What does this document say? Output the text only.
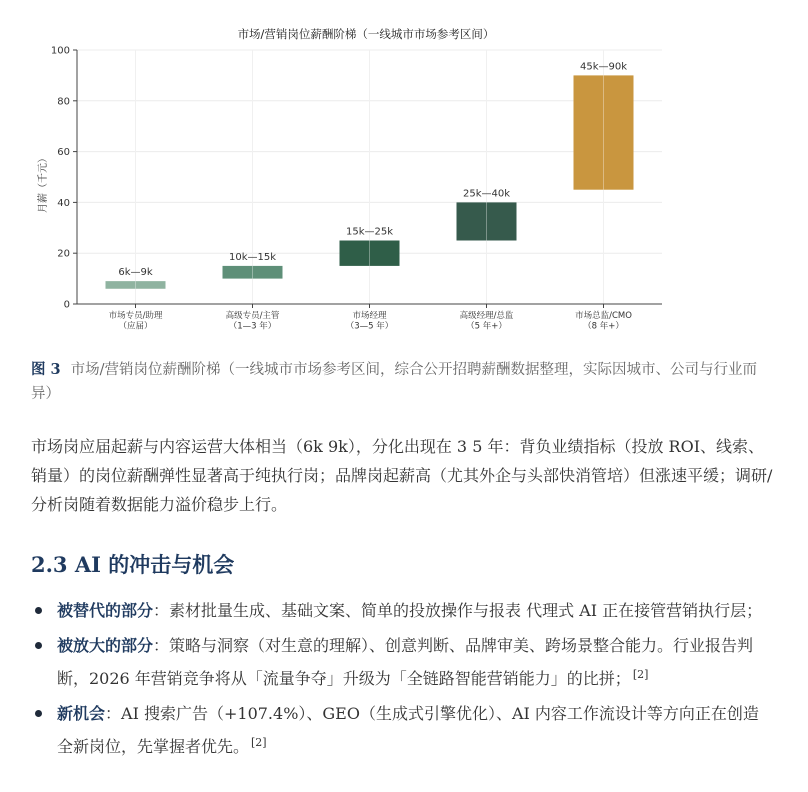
市场/营销岗位薪酬阶梯（一线城市市场参考区间）
月薪（千元）
6k—9k
10k—15k
15k—25k
25k—40k
45k—90k
0
20
40
60
80
100
市场专员/助理
（应届）
高级专员/主管
（1—3 年）
市场经理
（3—5 年）
高级经理/总监
（5 年+）
市场总监/CMO
（8 年+）
图 3 市场/营销岗位薪酬阶梯（一线城市市场参考区间，综合公开招聘薪酬数据整理，实际因城市、公司与行业而异）

市场岗应届起薪与内容运营大体相当（6k 9k），分化出现在 3 5 年：背负业绩指标（投放 ROI、线索、销量）的岗位薪酬弹性显著高于纯执行岗；品牌岗起薪高（尤其外企与头部快消管培）但涨速平缓；调研/分析岗随着数据能力溢价稳步上行。

2.3 AI 的冲击与机会
被替代的部分：素材批量生成、基础文案、简单的投放操作与报表 代理式 AI 正在接管营销执行层；
被放大的部分：策略与洞察（对生意的理解）、创意判断、品牌审美、跨场景整合能力。行业报告判断，2026 年营销竞争将从「流量争夺」升级为「全链路智能营销能力」的比拼； [2]
新机会：AI 搜索广告（+107.4%）、GEO（生成式引擎优化）、AI 内容工作流设计等方向正在创造全新岗位，先掌握者优先。 [2]
